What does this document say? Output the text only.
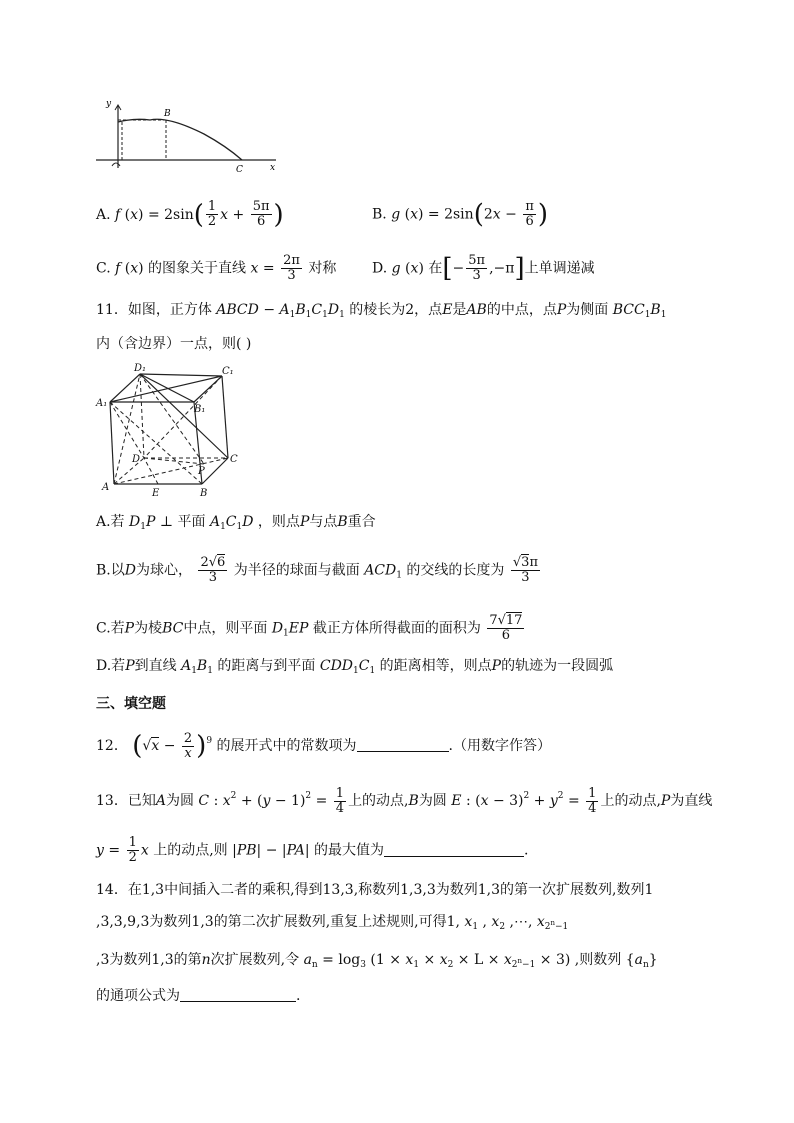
y
B
C	x
A. f $(x) = 2\sin( \frac{1}{2}$ $x + \frac{5\pi}{6}$ )	B. g $(x) = 2\sin(2x - \frac{\pi}{6}$ )
C. f (x) 的图象关于直线 $x = \frac{2\pi}{3}$ 对称	D. g (x) 在[− $\frac{5\pi}{3} ,-\pi$]上单调递减
11．如图，正方体 ABCD − $A_1B_1C_1D_1$ 的棱长为2，点E是AB的中点，点P为侧面 $BCC_1B_1$
内（含边界）一点，则( )
D₁	C₁
A₁
B₁
D	C
P
A
E	B
A.若 $D_1P$ ⊥ 平面 $A_1C_1D$ ，则点P与点B重合
B.以D为球心， $\frac{2√6}{3}$ 为半径的球面与截面 $ACD_1$ 的交线的长度为 $\frac{√3\pi}{3}$
C.若P为棱BC中点，则平面 $D_1EP$ 截正方体所得截面的面积为 $\frac{7√17}{6}$
D.若P到直线 $A_1B_1$ 的距离与到平面 $CDD_1C_1$ 的距离相等，则点P的轨迹为一段圆弧
三、填空题
12． $(√x - \frac{2}{x} )^9$ 的展开式中的常数项为	.（用数字作答）
13．已知A为圆 C : $x^2 + (y - 1)^2 = \frac{1}{4}$ 上的动点,B为圆 E : $(x - 3)^2 + y^2 = \frac{1}{4}$ 上的动点,P为直线
$y = \frac{1}{2}$ x 上的动点,则 |PB| − |PA| 的最大值为	.
14．在1,3中间插入二者的乘积,得到13,3,称数列1,3,3为数列1,3的第一次扩展数列,数列1
,3,3,9,3为数列1,3的第二次扩展数列,重复上述规则,可得1, $x_1$ , $x_2$ ,⋯, $x_{2^n-1}$
,3为数列1,3的第n次扩展数列,令 $a_n = \log_3 (1 \times x_1 \times x_2 \times L \times x_{2^n-1} \times 3)$ ,则数列 $\{a_n\}$
的通项公式为	.
